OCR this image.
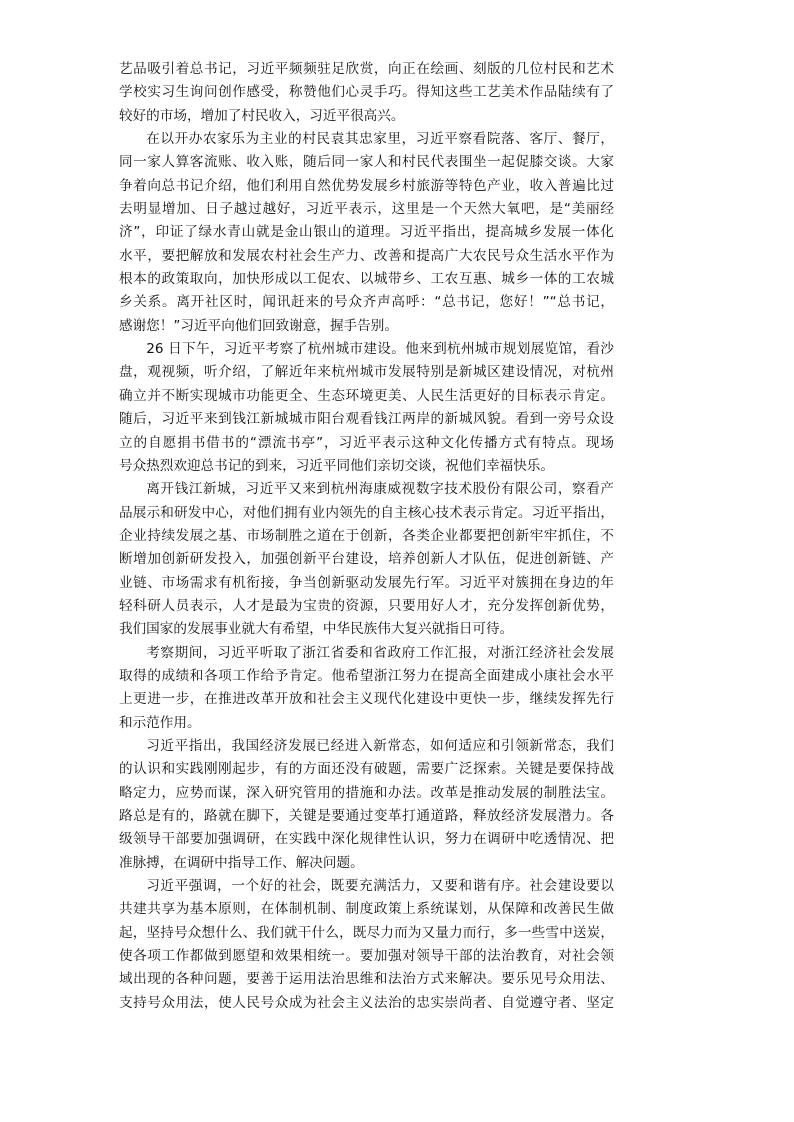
艺品吸引着总书记，习近平频频驻足欣赏，向正在绘画、刻版的几位村民和艺术
学校实习生询问创作感受，称赞他们心灵手巧。得知这些工艺美术作品陆续有了
较好的市场，增加了村民收入，习近平很高兴。
在以开办农家乐为主业的村民袁其忠家里，习近平察看院落、客厅、餐厅，
同一家人算客流账、收入账，随后同一家人和村民代表围坐一起促膝交谈。大家
争着向总书记介绍，他们利用自然优势发展乡村旅游等特色产业，收入普遍比过
去明显增加、日子越过越好，习近平表示，这里是一个天然大氧吧，是“美丽经
济”，印证了绿水青山就是金山银山的道理。习近平指出，提高城乡发展一体化
水平，要把解放和发展农村社会生产力、改善和提高广大农民号众生活水平作为
根本的政策取向，加快形成以工促农、以城带乡、工农互惠、城乡一体的工农城
乡关系。离开社区时，闻讯赶来的号众齐声高呼：“总书记，您好！”“总书记，
感谢您！”习近平向他们回致谢意，握手告别。
26 日下午，习近平考察了杭州城市建设。他来到杭州城市规划展览馆，看沙
盘，观视频，听介绍，了解近年来杭州城市发展特别是新城区建设情况，对杭州
确立并不断实现城市功能更全、生态环境更美、人民生活更好的目标表示肯定。
随后，习近平来到钱江新城城市阳台观看钱江两岸的新城风貌。看到一旁号众设
立的自愿捐书借书的“漂流书亭”，习近平表示这种文化传播方式有特点。现场
号众热烈欢迎总书记的到来，习近平同他们亲切交谈，祝他们幸福快乐。
离开钱江新城，习近平又来到杭州海康威视数字技术股份有限公司，察看产
品展示和研发中心，对他们拥有业内领先的自主核心技术表示肯定。习近平指出，
企业持续发展之基、市场制胜之道在于创新，各类企业都要把创新牢牢抓住，不
断增加创新研发投入，加强创新平台建设，培养创新人才队伍，促进创新链、产
业链、市场需求有机衔接，争当创新驱动发展先行军。习近平对簇拥在身边的年
轻科研人员表示，人才是最为宝贵的资源，只要用好人才，充分发挥创新优势，
我们国家的发展事业就大有希望，中华民族伟大复兴就指日可待。
考察期间，习近平听取了浙江省委和省政府工作汇报，对浙江经济社会发展
取得的成绩和各项工作给予肯定。他希望浙江努力在提高全面建成小康社会水平
上更进一步，在推进改革开放和社会主义现代化建设中更快一步，继续发挥先行
和示范作用。
习近平指出，我国经济发展已经进入新常态，如何适应和引领新常态，我们
的认识和实践刚刚起步，有的方面还没有破题，需要广泛探索。关键是要保持战
略定力，应势而谋，深入研究管用的措施和办法。改革是推动发展的制胜法宝。
路总是有的，路就在脚下，关键是要通过变革打通道路，释放经济发展潜力。各
级领导干部要加强调研，在实践中深化规律性认识，努力在调研中吃透情况、把
准脉搏，在调研中指导工作、解决问题。
习近平强调，一个好的社会，既要充满活力，又要和谐有序。社会建设要以
共建共享为基本原则，在体制机制、制度政策上系统谋划，从保障和改善民生做
起，坚持号众想什么、我们就干什么，既尽力而为又量力而行，多一些雪中送炭，
使各项工作都做到愿望和效果相统一。要加强对领导干部的法治教育，对社会领
域出现的各种问题，要善于运用法治思维和法治方式来解决。要乐见号众用法、
支持号众用法，使人民号众成为社会主义法治的忠实崇尚者、自觉遵守者、坚定
